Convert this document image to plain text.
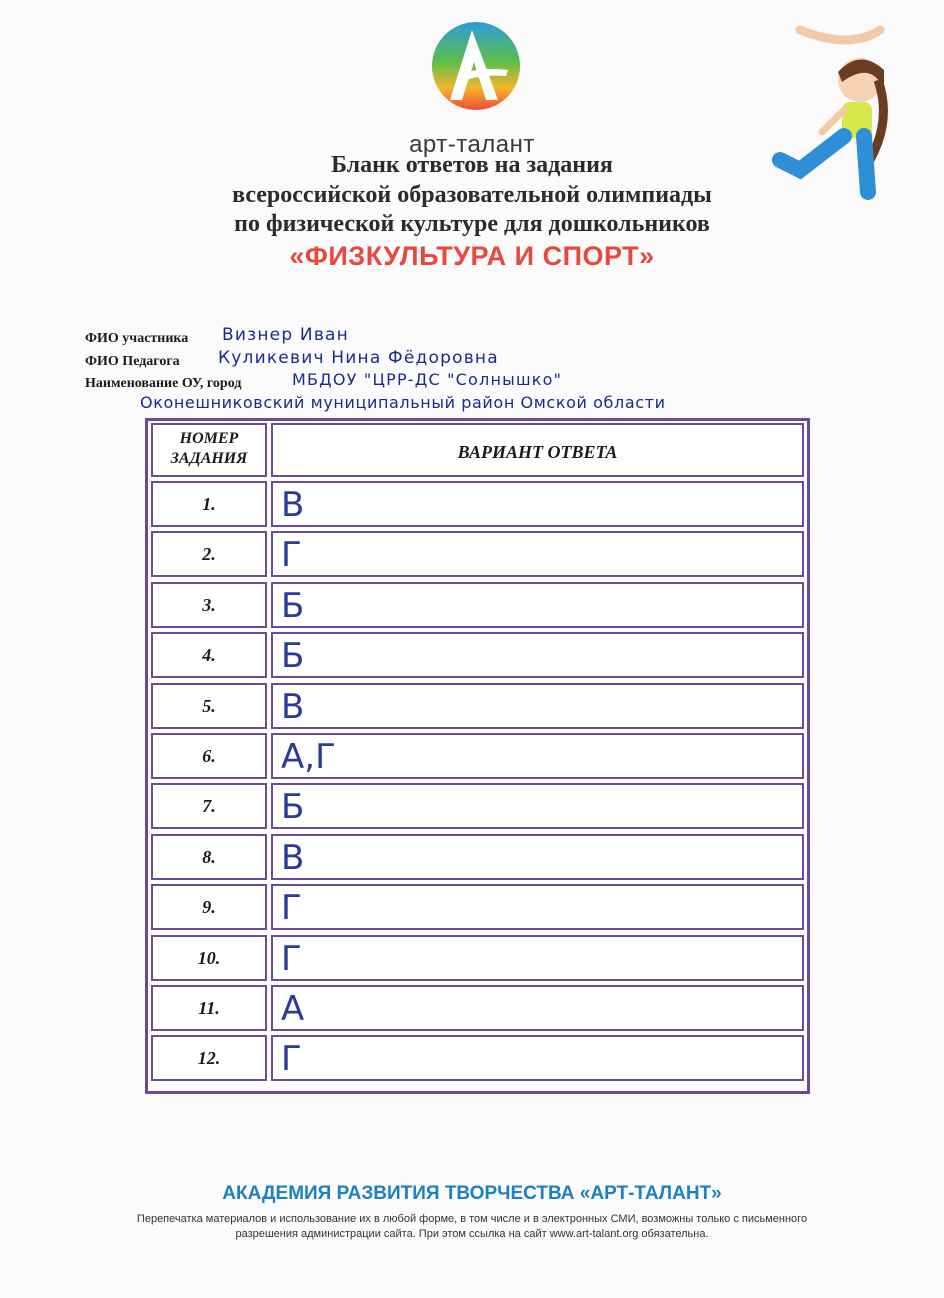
арт-талант
Бланк ответов на задания
всероссийской образовательной олимпиады
по физической культуре для дошкольников
«ФИЗКУЛЬТУРА И СПОРТ»
ФИО участника Визнер Иван
ФИО Педагога Куликевич Нина Фёдоровна
Наименование ОУ, город	МБДОУ "ЦРР-ДС "Солнышко"
Оконешниковский муниципальный район Омской области
НОМЕР ЗАДАНИЯ	ВАРИАНТ ОТВЕТА
1.	В
2.	Г
3.	Б
4.	Б
5.	В
6.	А,Г
7.	Б
8.	В
9.	Г
10.	Г
11.	А
12.	Г
АКАДЕМИЯ РАЗВИТИЯ ТВОРЧЕСТВА «АРТ-ТАЛАНТ»
Перепечатка материалов и использование их в любой форме, в том числе и в электронных СМИ, возможны только с письменного разрешения администрации сайта. При этом ссылка на сайт www.art-talant.org обязательна.
